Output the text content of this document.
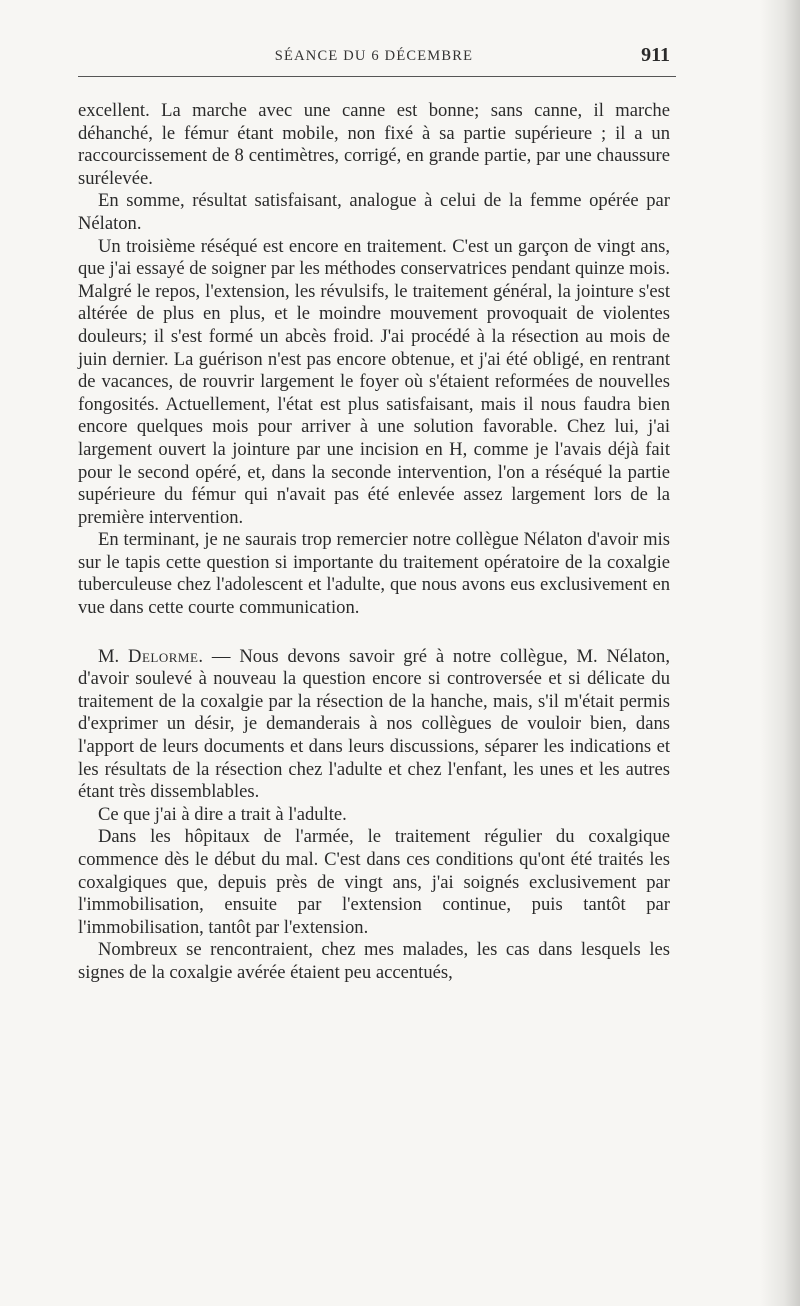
SÉANCE DU 6 DÉCEMBRE	911

excellent. La marche avec une canne est bonne; sans canne, il marche déhanché, le fémur étant mobile, non fixé à sa partie supérieure ; il a un raccourcissement de 8 centimètres, corrigé, en grande partie, par une chaussure surélevée.

En somme, résultat satisfaisant, analogue à celui de la femme opérée par Nélaton.

Un troisième réséqué est encore en traitement. C'est un garçon de vingt ans, que j'ai essayé de soigner par les méthodes conservatrices pendant quinze mois. Malgré le repos, l'extension, les révulsifs, le traitement général, la jointure s'est altérée de plus en plus, et le moindre mouvement provoquait de violentes douleurs; il s'est formé un abcès froid. J'ai procédé à la résection au mois de juin dernier. La guérison n'est pas encore obtenue, et j'ai été obligé, en rentrant de vacances, de rouvrir largement le foyer où s'étaient reformées de nouvelles fongosités. Actuellement, l'état est plus satisfaisant, mais il nous faudra bien encore quelques mois pour arriver à une solution favorable. Chez lui, j'ai largement ouvert la jointure par une incision en H, comme je l'avais déjà fait pour le second opéré, et, dans la seconde intervention, l'on a réséqué la partie supérieure du fémur qui n'avait pas été enlevée assez largement lors de la première intervention.

En terminant, je ne saurais trop remercier notre collègue Nélaton d'avoir mis sur le tapis cette question si importante du traitement opératoire de la coxalgie tuberculeuse chez l'adolescent et l'adulte, que nous avons eus exclusivement en vue dans cette courte communication.

M. Delorme. — Nous devons savoir gré à notre collègue, M. Nélaton, d'avoir soulevé à nouveau la question encore si controversée et si délicate du traitement de la coxalgie par la résection de la hanche, mais, s'il m'était permis d'exprimer un désir, je demanderais à nos collègues de vouloir bien, dans l'apport de leurs documents et dans leurs discussions, séparer les indications et les résultats de la résection chez l'adulte et chez l'enfant, les unes et les autres étant très dissemblables.

Ce que j'ai à dire a trait à l'adulte.

Dans les hôpitaux de l'armée, le traitement régulier du coxalgique commence dès le début du mal. C'est dans ces conditions qu'ont été traités les coxalgiques que, depuis près de vingt ans, j'ai soignés exclusivement par l'immobilisation, ensuite par l'extension continue, puis tantôt par l'immobilisation, tantôt par l'extension.

Nombreux se rencontraient, chez mes malades, les cas dans lesquels les signes de la coxalgie avérée étaient peu accentués,
